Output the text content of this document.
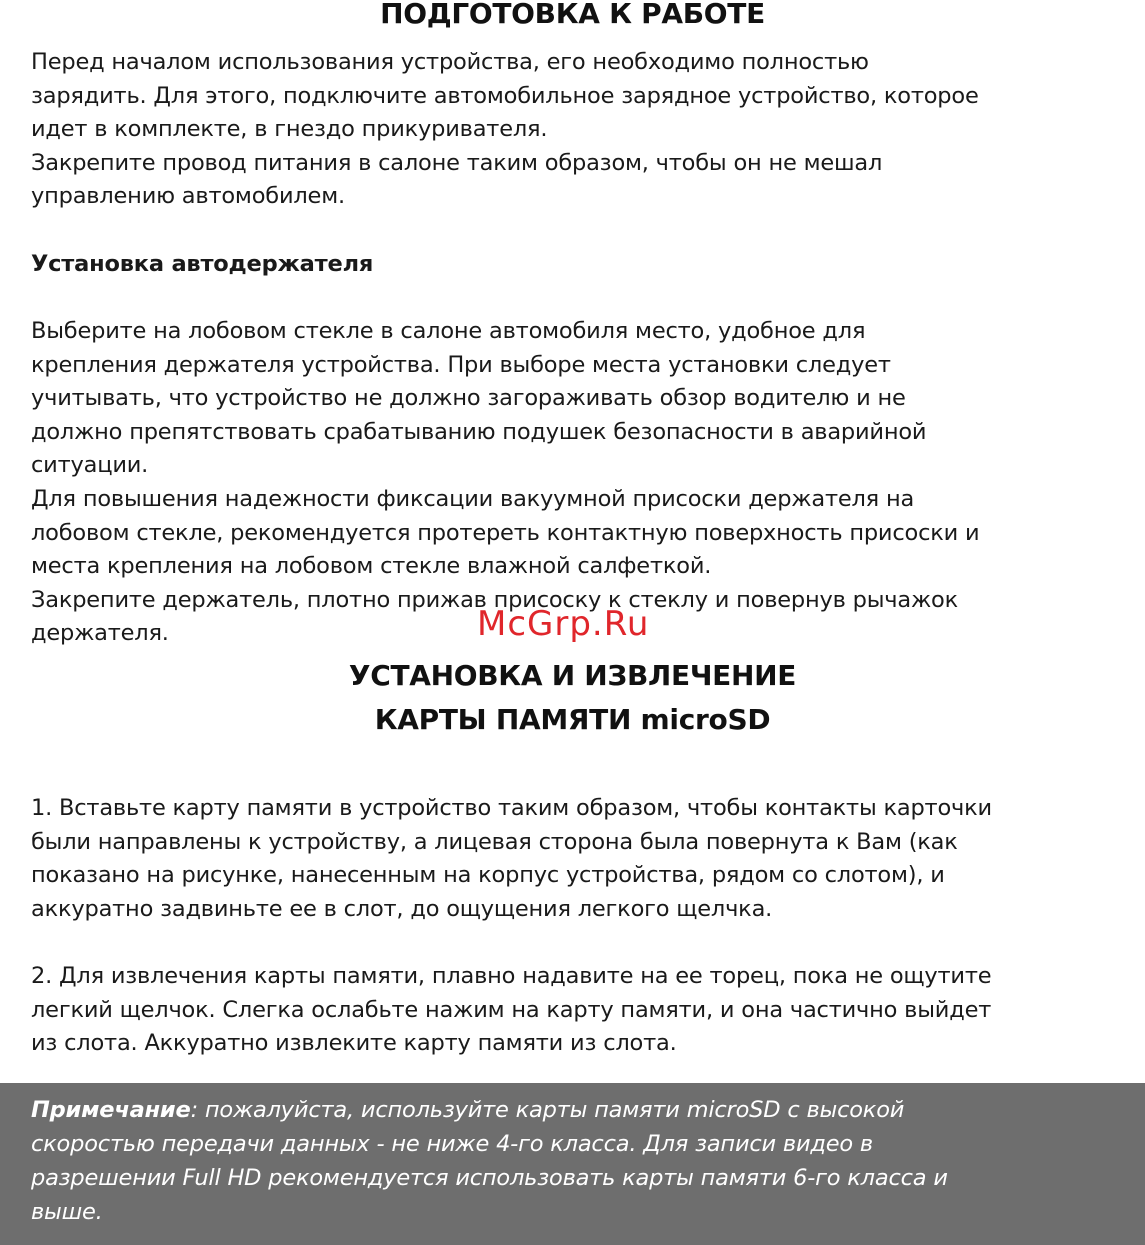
ПОДГОТОВКА К РАБОТЕ

Перед началом использования устройства, его необходимо полностью

зарядить. Для этого, подключите автомобильное зарядное устройство, которое

идет в комплекте, в гнездо прикуривателя.

Закрепите провод питания в салоне таким образом, чтобы он не мешал

управлению автомобилем.

Установка автодержателя

Выберите на лобовом стекле в салоне автомобиля место, удобное для

крепления держателя устройства. При выборе места установки следует

учитывать, что устройство не должно загораживать обзор водителю и не

должно препятствовать срабатыванию подушек безопасности в аварийной

ситуации.

Для повышения надежности фиксации вакуумной присоски держателя на

лобовом стекле, рекомендуется протереть контактную поверхность присоски и

места крепления на лобовом стекле влажной салфеткой.

Закрепите держатель, плотно прижав присоску к стеклу и повернув рычажок

держателя.	McGrp.Ru
УСТАНОВКА И ИЗВЛЕЧЕНИЕ
КАРТЫ ПАМЯТИ microSD

1. Вставьте карту памяти в устройство таким образом, чтобы контакты карточки

были направлены к устройству, а лицевая сторона была повернута к Вам (как

показано на рисунке, нанесенным на корпус устройства, рядом со слотом), и

аккуратно задвиньте ее в слот, до ощущения легкого щелчка.

2. Для извлечения карты памяти, плавно надавите на ее торец, пока не ощутите

легкий щелчок. Слегка ослабьте нажим на карту памяти, и она частично выйдет

из слота. Аккуратно извлеките карту памяти из слота.

Примечание: пожалуйста, используйте карты памяти microSD с высокой

скоростью передачи данных - не ниже 4-го класса. Для записи видео в

разрешении Full HD рекомендуется использовать карты памяти 6-го класса и

выше.
